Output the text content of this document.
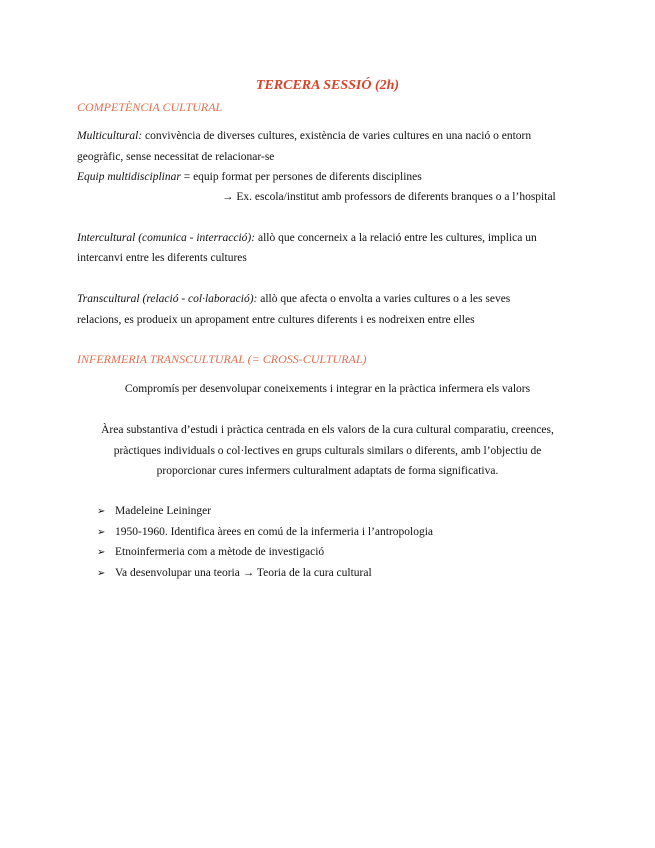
TERCERA SESSIÓ (2h)
COMPETÈNCIA CULTURAL
Multicultural: convivència de diverses cultures, existència de varies cultures en una nació o entorn
geogràfic, sense necessitat de relacionar-se
Equip multidisciplinar = equip format per persones de diferents disciplines
→ Ex. escola/institut amb professors de diferents branques o a l’hospital
Intercultural (comunica - interracció): allò que concerneix a la relació entre les cultures, implica un
intercanvi entre les diferents cultures
Transcultural (relació - col·laboració): allò que afecta o envolta a varies cultures o a les seves
relacions, es produeix un apropament entre cultures diferents i es nodreixen entre elles
INFERMERIA TRANSCULTURAL (= CROSS-CULTURAL)
Compromís per desenvolupar coneixements i integrar en la pràctica infermera els valors
Àrea substantiva d’estudi i pràctica centrada en els valors de la cura cultural comparatiu, creences,
pràctiques individuals o col·lectives en grups culturals similars o diferents, amb l’objectiu de
proporcionar cures infermers culturalment adaptats de forma significativa.
➢ Madeleine Leininger
➢ 1950-1960. Identifica àrees en comú de la infermeria i l’antropologia
➢ Etnoinfermeria com a mètode de investigació
➢ Va desenvolupar una teoria → Teoria de la cura cultural
